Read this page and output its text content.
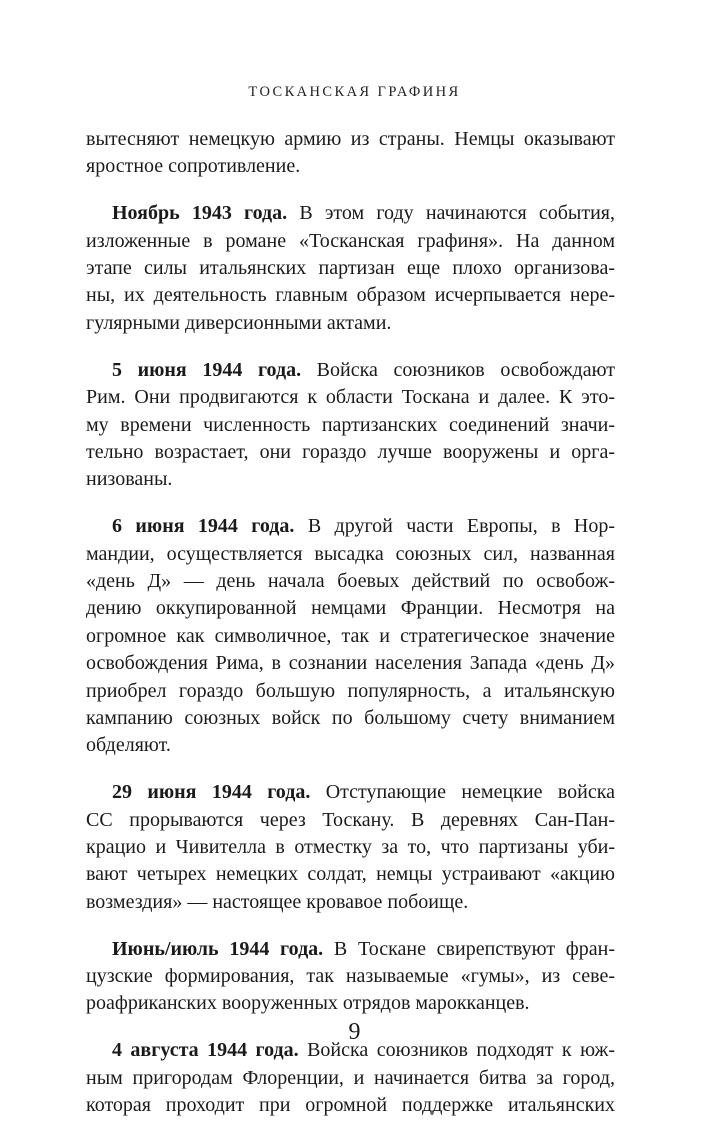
ТОСКАНСКАЯ ГРАФИНЯ
вытесняют немецкую армию из страны. Немцы оказывают
яростное сопротивление.
Ноябрь 1943 года. В этом году начинаются события,
изложенные в романе «Тосканская графиня». На данном
этапе силы итальянских партизан еще плохо организова-
ны, их деятельность главным образом исчерпывается нере-
гулярными диверсионными актами.
5 июня 1944 года. Войска союзников освобождают
Рим. Они продвигаются к области Тоскана и далее. К это-
му времени численность партизанских соединений значи-
тельно возрастает, они гораздо лучше вооружены и орга-
низованы.
6 июня 1944 года. В другой части Европы, в Нор-
мандии, осуществляется высадка союзных сил, названная
«день Д» — день начала боевых действий по освобож-
дению оккупированной немцами Франции. Несмотря на
огромное как символичное, так и стратегическое значение
освобождения Рима, в сознании населения Запада «день Д»
приобрел гораздо большую популярность, а итальянскую
кампанию союзных войск по большому счету вниманием
обделяют.
29 июня 1944 года. Отступающие немецкие войска
СС прорываются через Тоскану. В деревнях Сан-Пан-
крацио и Чивителла в отместку за то, что партизаны уби-
вают четырех немецких солдат, немцы устраивают «акцию
возмездия» — настоящее кровавое побоище.
Июнь/июль 1944 года. В Тоскане свирепствуют фран-
цузские формирования, так называемые «гумы», из севе-
роафриканских вооруженных отрядов марокканцев.
4 августа 1944 года. Войска союзников подходят к юж-
ным пригородам Флоренции, и начинается битва за город,
которая проходит при огромной поддержке итальянских
9
